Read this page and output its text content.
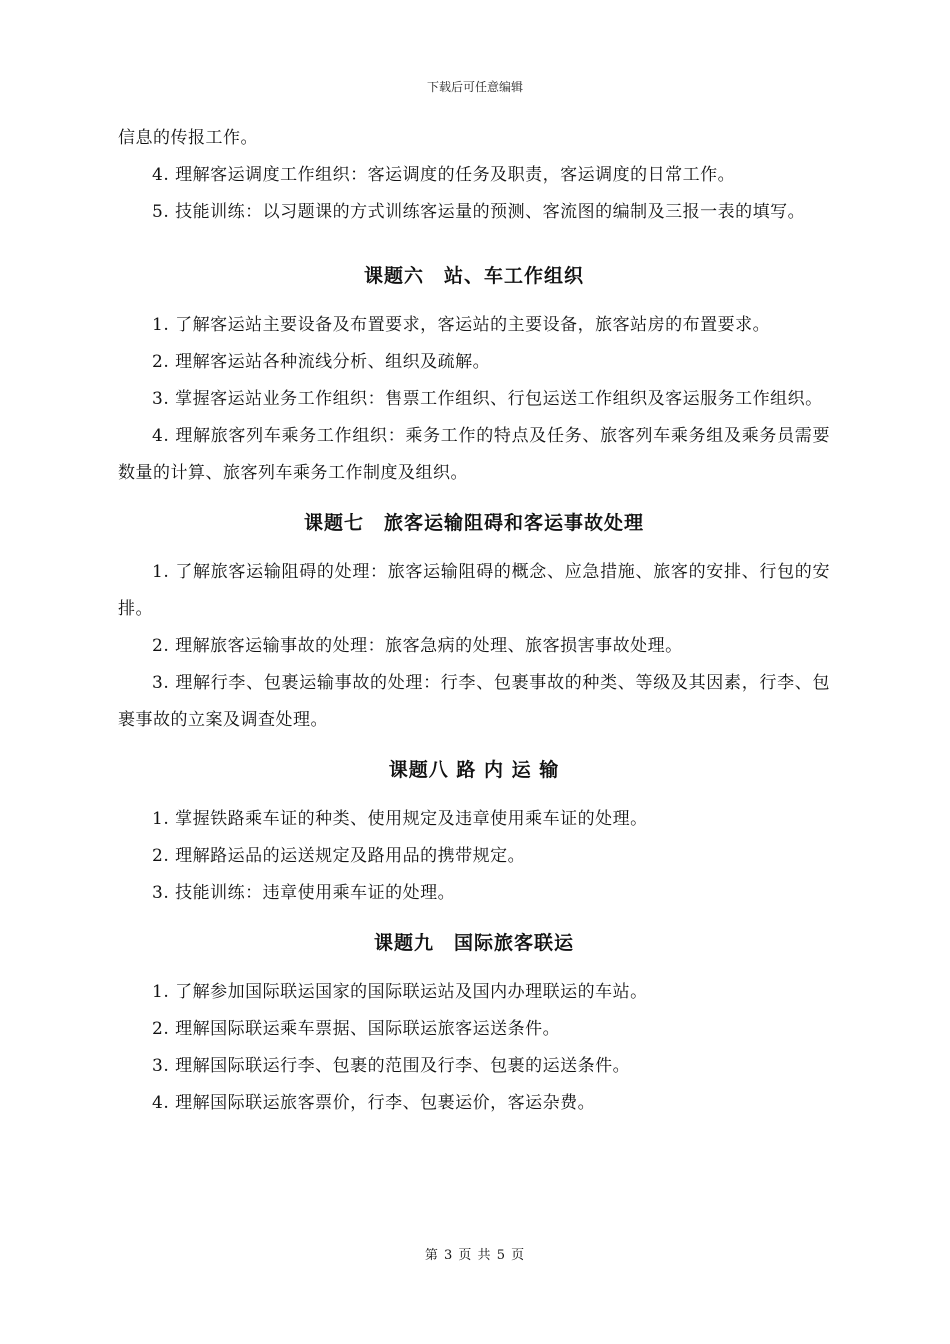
下载后可任意编辑

信息的传报工作。

4. 理解客运调度工作组织：客运调度的任务及职责，客运调度的日常工作。

5. 技能训练：以习题课的方式训练客运量的预测、客流图的编制及三报一表的填写。

课题六　站、车工作组织

1. 了解客运站主要设备及布置要求，客运站的主要设备，旅客站房的布置要求。

2. 理解客运站各种流线分析、组织及疏解。

3. 掌握客运站业务工作组织：售票工作组织、行包运送工作组织及客运服务工作组织。

4. 理解旅客列车乘务工作组织：乘务工作的特点及任务、旅客列车乘务组及乘务员需要数量的计算、旅客列车乘务工作制度及组织。

课题七　旅客运输阻碍和客运事故处理

1. 了解旅客运输阻碍的处理：旅客运输阻碍的概念、应急措施、旅客的安排、行包的安排。

2. 理解旅客运输事故的处理：旅客急病的处理、旅客损害事故处理。

3. 理解行李、包裹运输事故的处理：行李、包裹事故的种类、等级及其因素，行李、包裹事故的立案及调查处理。

课题八 路 内 运 输

1. 掌握铁路乘车证的种类、使用规定及违章使用乘车证的处理。

2. 理解路运品的运送规定及路用品的携带规定。

3. 技能训练：违章使用乘车证的处理。

课题九　国际旅客联运

1. 了解参加国际联运国家的国际联运站及国内办理联运的车站。

2. 理解国际联运乘车票据、国际联运旅客运送条件。

3. 理解国际联运行李、包裹的范围及行李、包裹的运送条件。

4. 理解国际联运旅客票价，行李、包裹运价，客运杂费。

第 3 页 共 5 页
